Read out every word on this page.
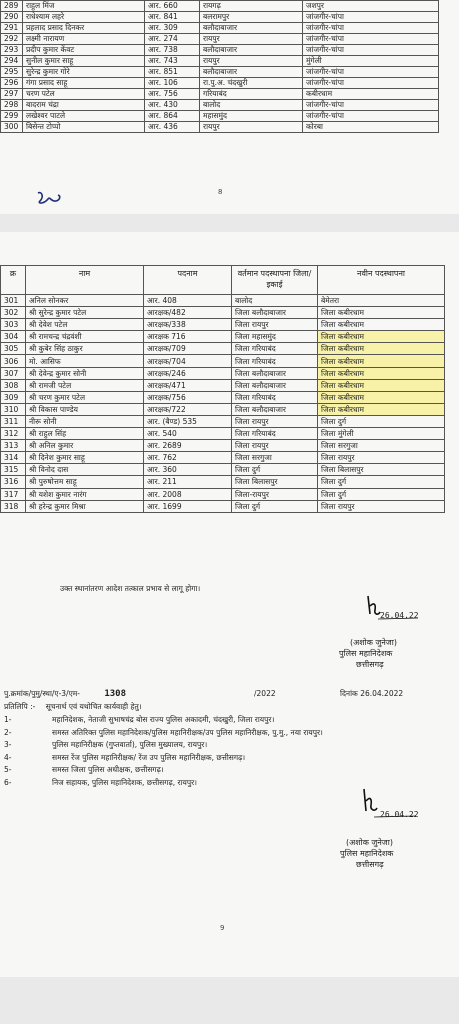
289	राहुल मिंज	आर. 660	रायगढ़	जशपुर
290	राधेश्याम लहरे	आर. 841	बलरामपुर	जांजगीर-चांपा
291	प्रहलाद प्रसाद दिनकर	आर. 309	बलौदाबाजार	जांजगीर-चांपा
292	लक्ष्मी नारायण	आर. 274	रायपुर	जांजगीर-चांपा
293	प्रदीप कुमार केंवट	आर. 738	बलौदाबाजार	जांजगीर-चांपा
294	सुनील कुमार साहू	आर. 743	रायपुर	मुंगेली
295	सुरेन्द्र कुमार गोरे	आर. 851	बलौदाबाजार	जांजगीर-चांपा
296	गंगा प्रसाद साहू	आर. 106	रा.पु.अ. चंदखुरी	जांजगीर-चांपा
297	चरण पटेल	आर. 756	गरियाबंद	कबीरधाम
298	बादराम चंद्रा	आर. 430	बालोद	जांजगीर-चांपा
299	लखेश्वर पाटले	आर. 864	महासमुंद	जांजगीर-चांपा
300	बिसेन्त टोप्पो	आर. 436	रायपुर	कोरबा
8
क्र	नाम	पदनाम	वर्तमान पदस्थापना जिला/ इकाई	नवीन पदस्थापना
301	अनिल सोनकर	आर. 408	बालोद	बेमेतरा
302	श्री सुरेन्द्र कुमार पटेल	आरक्षक/482	जिला बलौदाबाजार	जिला कबीरधाम
303	श्री देवेश पटेल	आरक्षक/338	जिला रायपुर	जिला कबीरधाम
304	श्री रामचन्द्र चंद्रवंशी	आरक्षक 716	जिला महासमुंद	जिला कबीरधाम
305	श्री कुबेर सिंह ठाकुर	आरक्षक/709	जिला गरियाबंद	जिला कबीरधाम
306	मो. आसिफ	आरक्षक/704	जिला गरियाबंद	जिला कबीरधाम
307	श्री देवेन्द्र कुमार सोनी	आरक्षक/246	जिला बलौदाबाजार	जिला कबीरधाम
308	श्री रामजी पटेल	आरक्षक/471	जिला बलौदाबाजार	जिला कबीरधाम
309	श्री चरण कुमार पटेल	आरक्षक/756	जिला गरियाबंद	जिला कबीरधाम
310	श्री विकास पाण्डेय	आरक्षक/722	जिला बलौदाबाजार	जिला कबीरधाम
311	नीरू सोनी	आर. (बैण्ड) 535	जिला रायपुर	जिला दुर्ग
312	श्री राहुल सिंह	आर. 540	जिला गरियाबंद	जिला मुंगेली
313	श्री अनिल कुमार	आर. 2689	जिला रायपुर	जिला सरगुजा
314	श्री दिनेश कुमार साहू	आर. 762	जिला सरगुजा	जिला रायपुर
315	श्री विनोद दास	आर. 360	जिला दुर्ग	जिला बिलासपुर
316	श्री पुरुषोत्तम साहू	आर. 211	जिला बिलासपुर	जिला दुर्ग
317	श्री यशेश कुमार नारंग	आर. 2008	जिला-रायपुर	जिला दुर्ग
318	श्री हरेन्द्र कुमार मिश्रा	आर. 1699	जिला दुर्ग	जिला रायपुर
उक्त स्थानांतरण आदेश तत्काल प्रभाव से लागू होगा।
26.04.22
(अशोक जुनेजा)
पुलिस महानिदेशक
छत्तीसगढ़
पु.क्रमांक/पुमु/स्था/ए-3/एम-	1308	/2022	दिनांक 26.04.2022
प्रतिलिपि :- सूचनार्थ एवं यथोचित कार्यवाही हेतु।
1-	महानिदेशक, नेताजी सुभाषचंद्र बोस राज्य पुलिस अकादमी, चंदखुरी, जिला रायपुर।
2-	समस्त अतिरिक्त पुलिस महानिदेशक/पुलिस महानिरीक्षक/उप पुलिस महानिरीक्षक, पु.मु., नया रायपुर।
3-	पुलिस महानिरीक्षक (गुप्तवार्ता), पुलिस मुख्यालय, रायपुर।
4-	समस्त रेंज पुलिस महानिरीक्षक/ रेंज उप पुलिस महानिरीक्षक, छत्तीसगढ़।
5-	समस्त जिला पुलिस अधीक्षक, छत्तीसगढ़।
6-	निज सहायक, पुलिस महानिदेशक, छत्तीसगढ़, रायपुर।
26.04.22
(अशोक जुनेजा)
पुलिस महानिदेशक
छत्तीसगढ़
9
